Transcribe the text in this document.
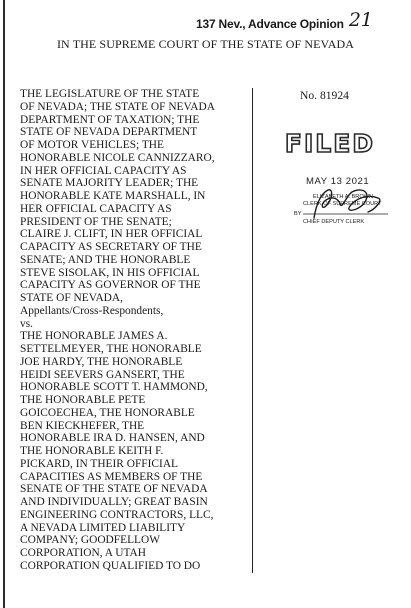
137 Nev., Advance Opinion 21
IN THE SUPREME COURT OF THE STATE OF NEVADA
THE LEGISLATURE OF THE STATE
OF NEVADA; THE STATE OF NEVADA
DEPARTMENT OF TAXATION; THE
STATE OF NEVADA DEPARTMENT
OF MOTOR VEHICLES; THE
HONORABLE NICOLE CANNIZZARO,
IN HER OFFICIAL CAPACITY AS
SENATE MAJORITY LEADER; THE
HONORABLE KATE MARSHALL, IN
HER OFFICIAL CAPACITY AS
PRESIDENT OF THE SENATE;
CLAIRE J. CLIFT, IN HER OFFICIAL
CAPACITY AS SECRETARY OF THE
SENATE; AND THE HONORABLE
STEVE SISOLAK, IN HIS OFFICIAL
CAPACITY AS GOVERNOR OF THE
STATE OF NEVADA,
Appellants/Cross-Respondents,
vs.
THE HONORABLE JAMES A.
SETTELMEYER, THE HONORABLE
JOE HARDY, THE HONORABLE
HEIDI SEEVERS GANSERT, THE
HONORABLE SCOTT T. HAMMOND,
THE HONORABLE PETE
GOICOECHEA, THE HONORABLE
BEN KIECKHEFER, THE
HONORABLE IRA D. HANSEN, AND
THE HONORABLE KEITH F.
PICKARD, IN THEIR OFFICIAL
CAPACITIES AS MEMBERS OF THE
SENATE OF THE STATE OF NEVADA
AND INDIVIDUALLY; GREAT BASIN
ENGINEERING CONTRACTORS, LLC,
A NEVADA LIMITED LIABILITY
COMPANY; GOODFELLOW
CORPORATION, A UTAH
CORPORATION QUALIFIED TO DO
No. 81924
FILED
MAY 13 2021
ELIZABETH A. BROWN
CLERK OF SUPREME COURT
BY
CHIEF DEPUTY CLERK
